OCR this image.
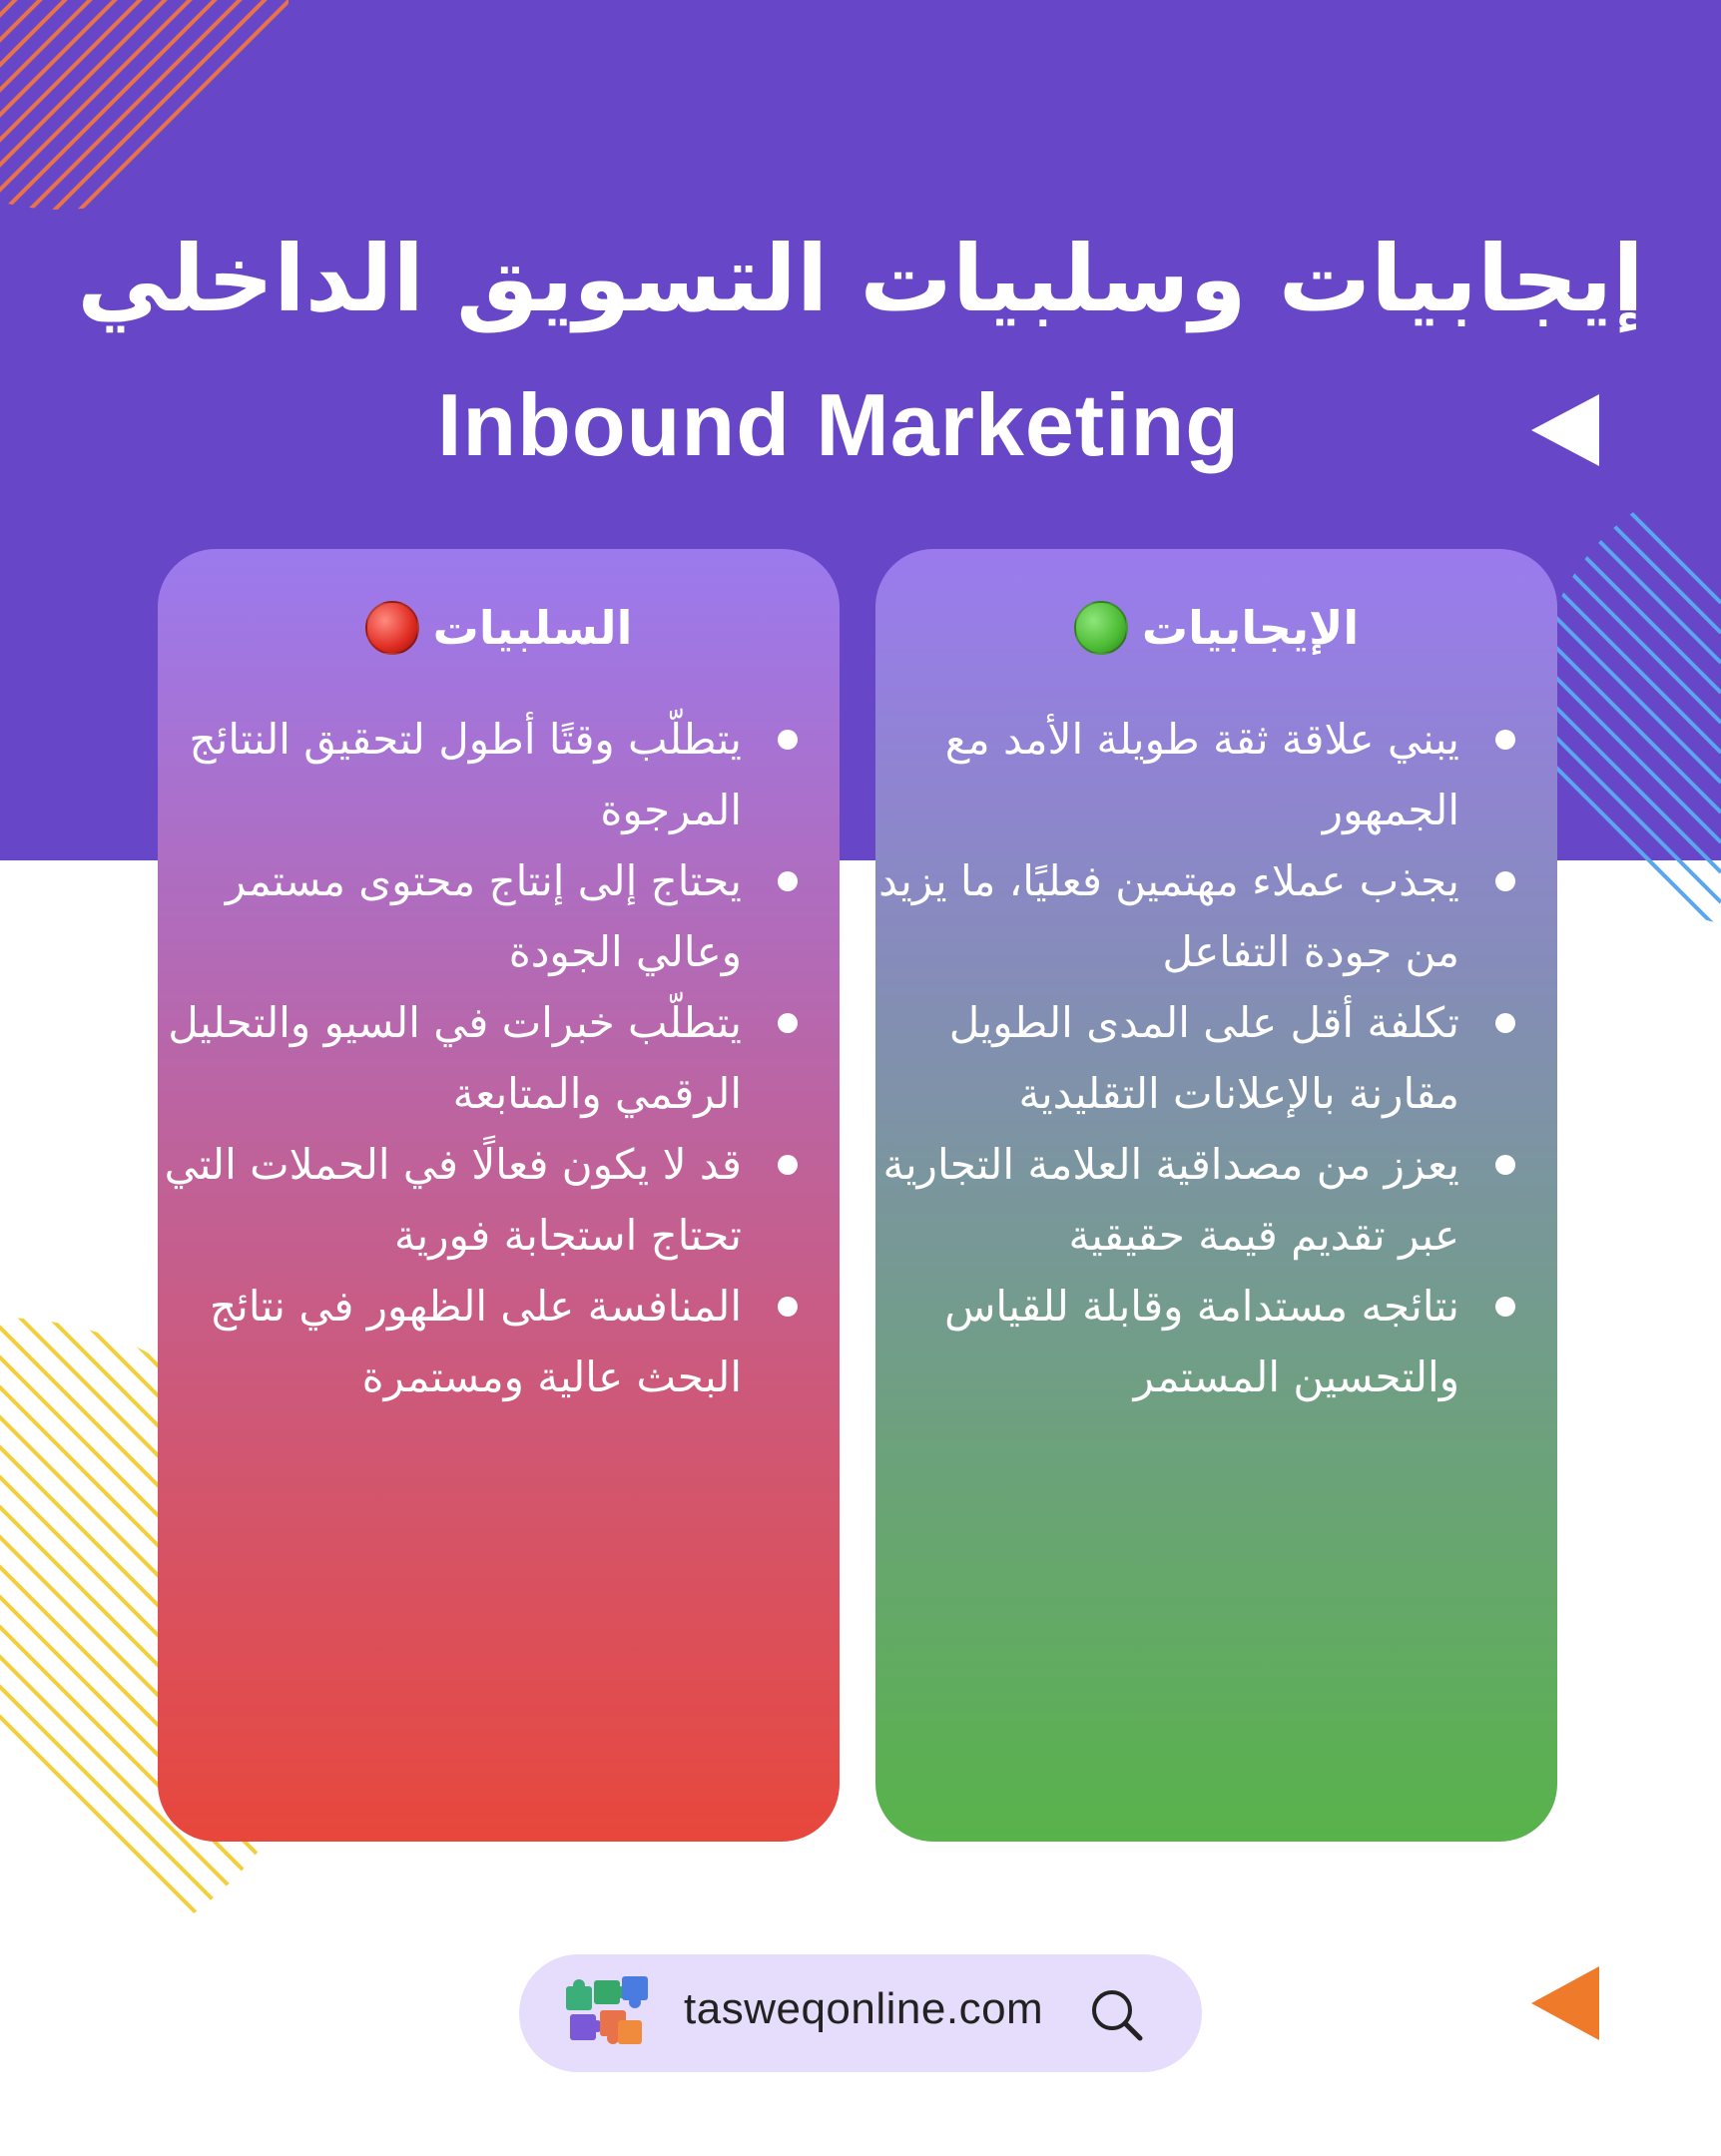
إيجابيات وسلبيات التسويق الداخلي
Inbound Marketing
الإيجابيات
يبني علاقة ثقة طويلة الأمد مع الجمهور
يجذب عملاء مهتمين فعليًا، ما يزيد من جودة التفاعل
تكلفة أقل على المدى الطويل مقارنة بالإعلانات التقليدية
يعزز من مصداقية العلامة التجارية عبر تقديم قيمة حقيقية
نتائجه مستدامة وقابلة للقياس والتحسين المستمر
السلبيات
يتطلّب وقتًا أطول لتحقيق النتائج المرجوة
يحتاج إلى إنتاج محتوى مستمر وعالي الجودة
يتطلّب خبرات في السيو والتحليل الرقمي والمتابعة
قد لا يكون فعالًا في الحملات التي تحتاج استجابة فورية
المنافسة على الظهور في نتائج البحث عالية ومستمرة
tasweqonline.com
